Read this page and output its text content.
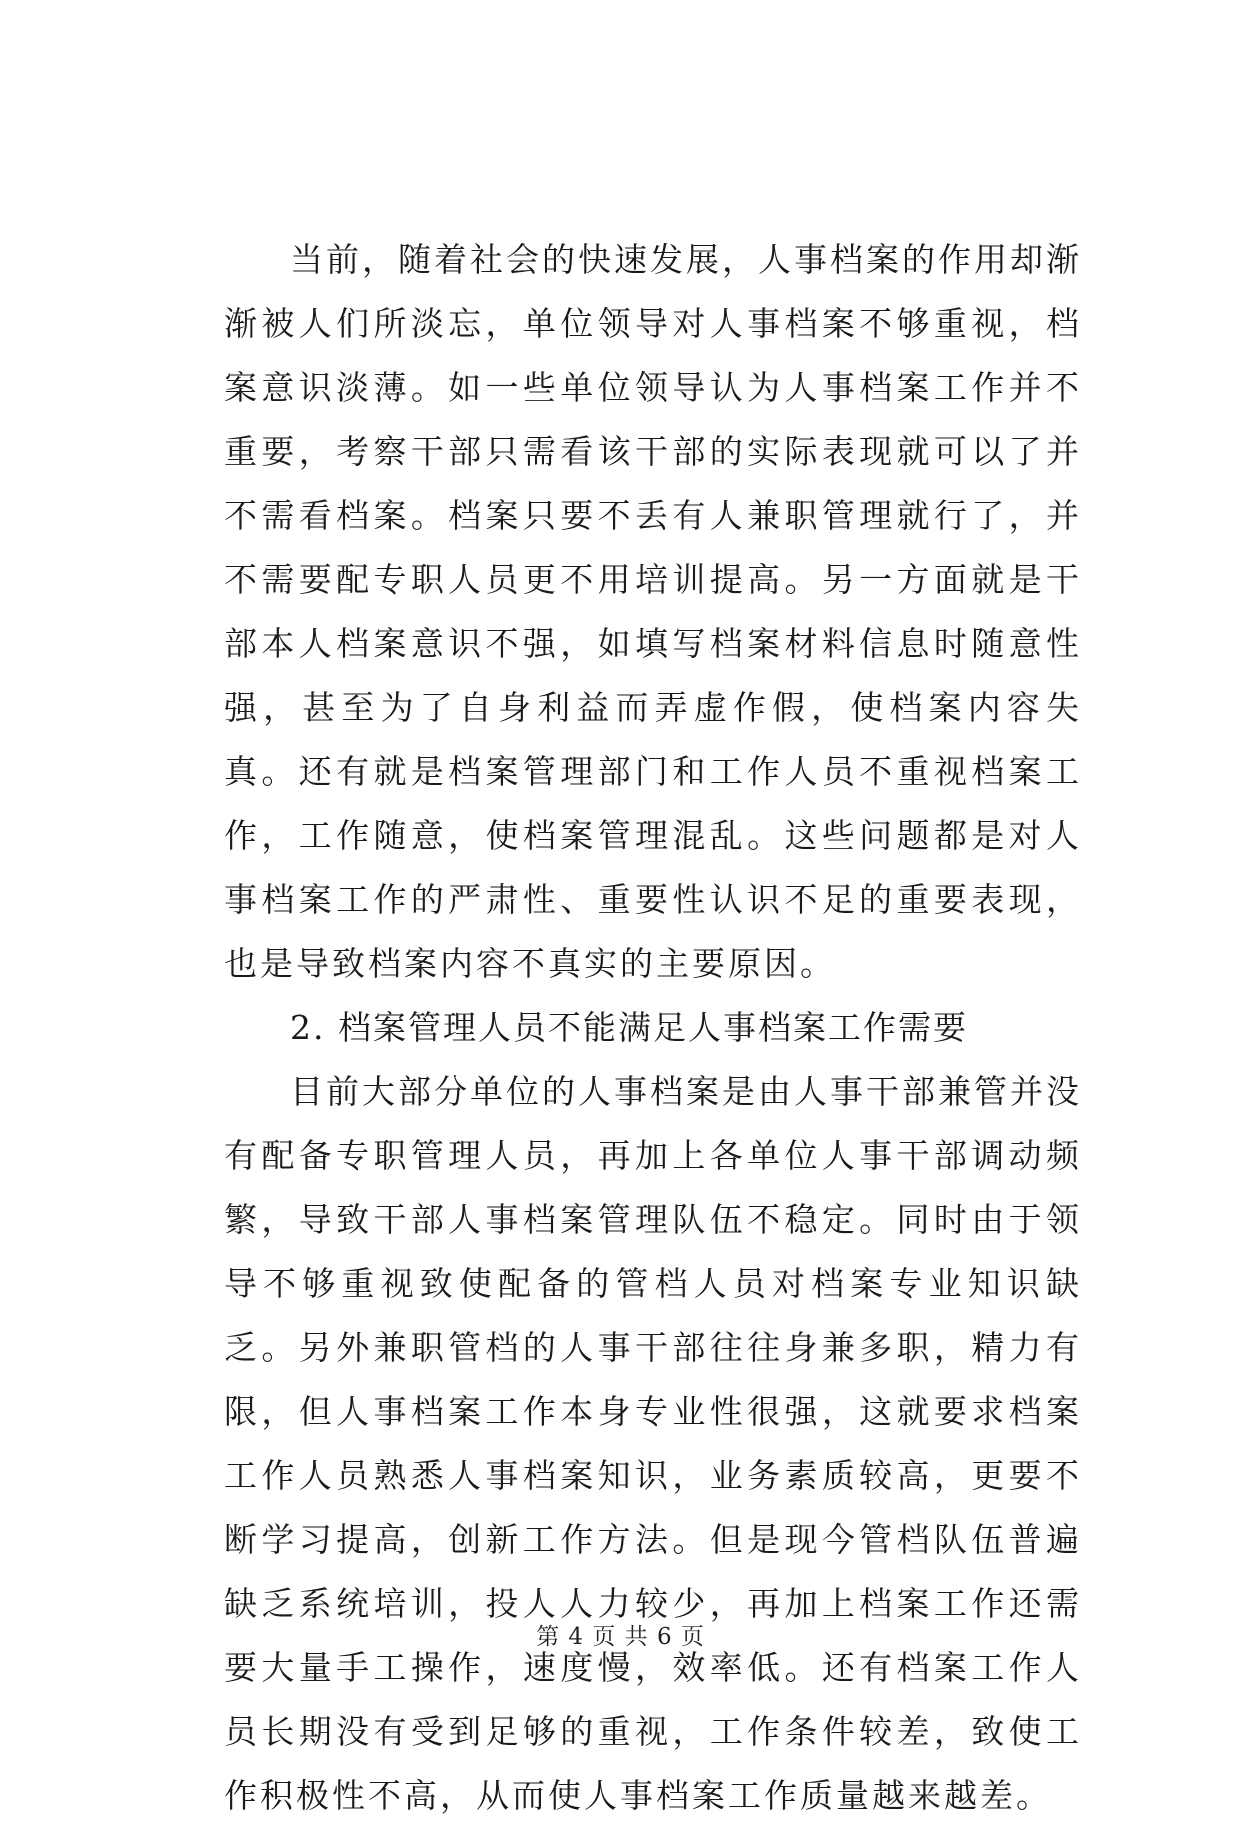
当前，随着社会的快速发展，人事档案的作用却渐渐被人们所淡忘，单位领导对人事档案不够重视，档案意识淡薄。如一些单位领导认为人事档案工作并不重要，考察干部只需看该干部的实际表现就可以了并不需看档案。档案只要不丢有人兼职管理就行了，并不需要配专职人员更不用培训提高。另一方面就是干部本人档案意识不强，如填写档案材料信息时随意性强，甚至为了自身利益而弄虚作假，使档案内容失真。还有就是档案管理部门和工作人员不重视档案工作，工作随意，使档案管理混乱。这些问题都是对人事档案工作的严肃性、重要性认识不足的重要表现，也是导致档案内容不真实的主要原因。

2. 档案管理人员不能满足人事档案工作需要

目前大部分单位的人事档案是由人事干部兼管并没有配备专职管理人员，再加上各单位人事干部调动频繁，导致干部人事档案管理队伍不稳定。同时由于领导不够重视致使配备的管档人员对档案专业知识缺乏。另外兼职管档的人事干部往往身兼多职，精力有限，但人事档案工作本身专业性很强，这就要求档案工作人员熟悉人事档案知识，业务素质较高，更要不断学习提高，创新工作方法。但是现今管档队伍普遍缺乏系统培训，投人人力较少，再加上档案工作还需要大量手工操作，速度慢，效率低。还有档案工作人员长期没有受到足够的重视，工作条件较差，致使工作积极性不高，从而使人事档案工作质量越来越差。

第 4 页 共 6 页
